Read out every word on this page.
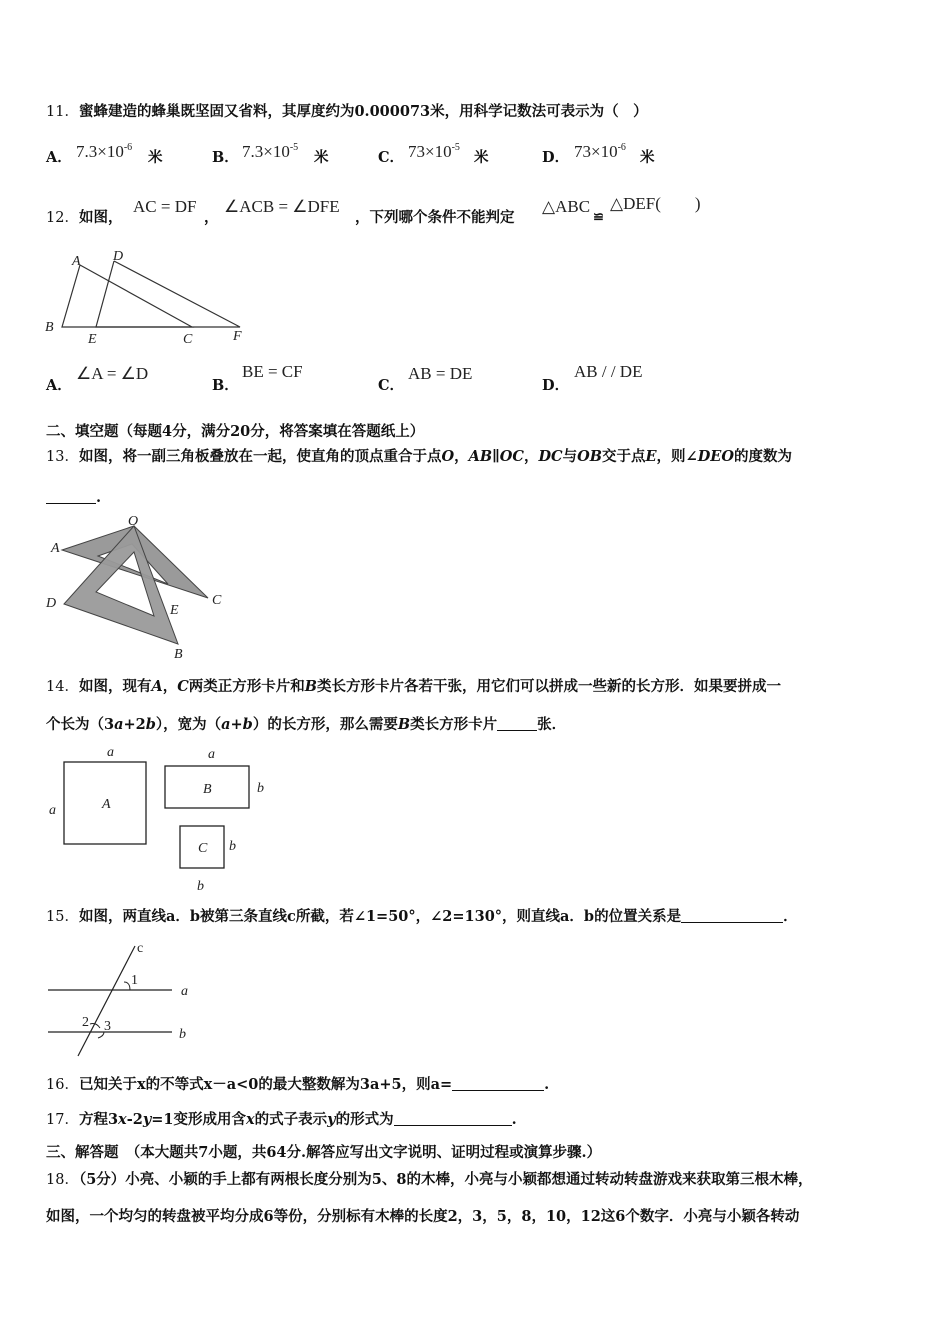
11．蜜蜂建造的蜂巢既坚固又省料，其厚度约为0.000073米，用科学记数法可表示为（　）
A． $7.3\times 10^{-6}$
米	B． $7.3\times 10^{-5}$
米	C． $73\times 10^{-5}$
米	D． $73\times 10^{-6}$
米
12．如图，
AC = DF
，
∠ACB = ∠DFE
，下列哪个条件不能判定
△ABC
≌
△DEF(　　)
A D
B
E	C	F
A．
∠A = ∠D
B．
BE = CF
C．
AB = DE
D．
AB / / DE
二、填空题（每题4分，满分20分，将答案填在答题纸上）
13．如图，将一副三角板叠放在一起，使直角的顶点重合于点O，AB∥OC，DC与OB交于点E，则∠DEO的度数为
.
O
A
D	C
E
B
14．如图，现有A，C两类正方形卡片和B类长方形卡片各若干张，用它们可以拼成一些新的长方形．如果要拼成一
个长为（3a+2b），宽为（a+b）的长方形，那么需要B类长方形卡片	张．
a
a	A
a
B	b
C b
b
15．如图，两直线a．b被第三条直线c所截，若∠1=50°，∠2=130°，则直线a．b的位置关系是	．
c
1
a
2 3
b
16．已知关于x的不等式x－a<0的最大整数解为3a+5，则a=	.
17．方程3x-2y=1变形成用含x的式子表示y的形式为	.
三、解答题　（本大题共7小题，共64分.解答应写出文字说明、证明过程或演算步骤.）
18．（5分）小亮、小颖的手上都有两根长度分别为5、8的木棒，小亮与小颖都想通过转动转盘游戏来获取第三根木棒，
如图，一个均匀的转盘被平均分成6等份，分别标有木棒的长度2，3，5，8，10，12这6个数字．小亮与小颖各转动
